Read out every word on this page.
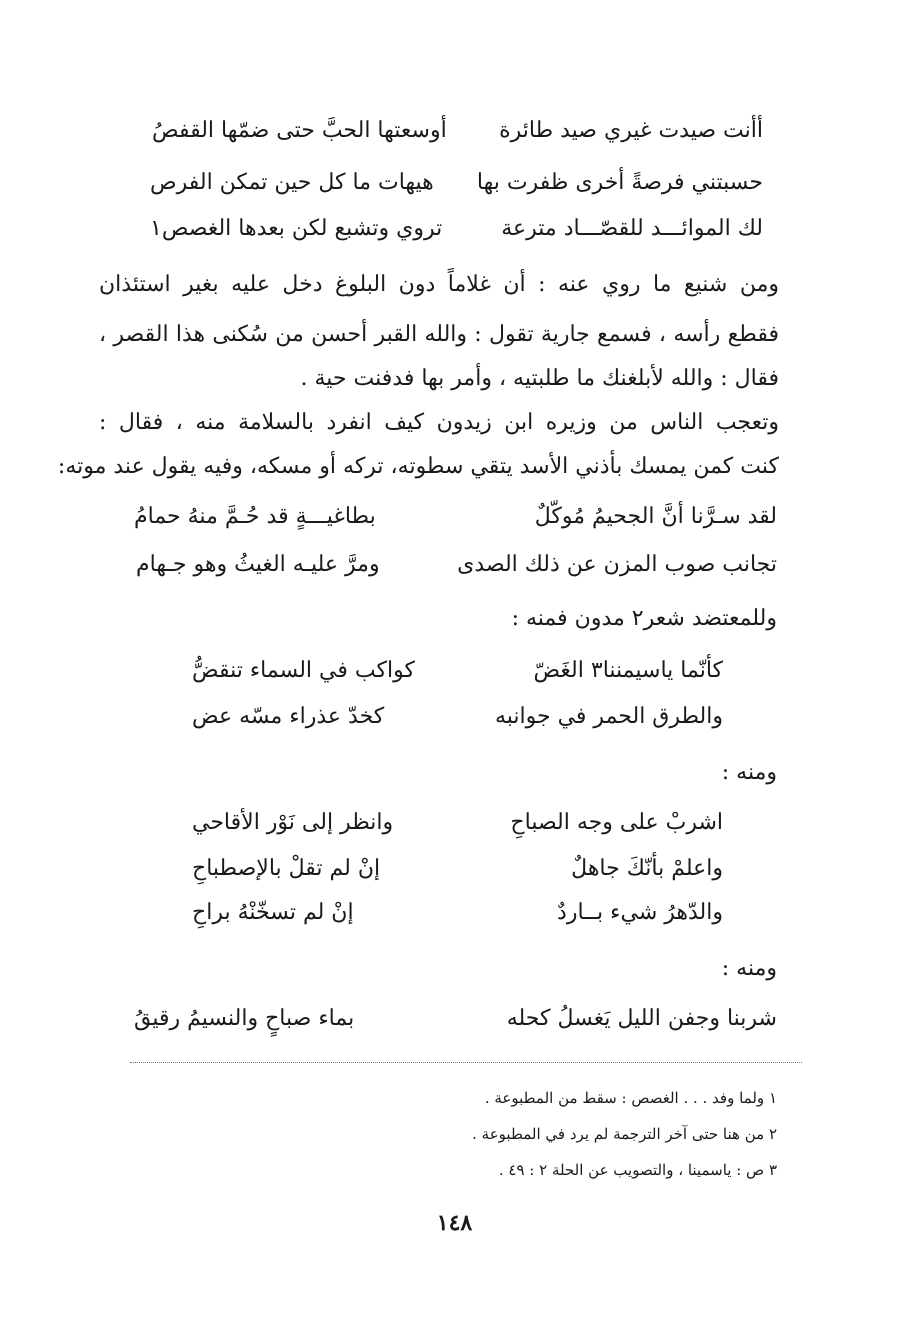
أأنت صيدت غيري صيد طائرة
أوسعتها الحبَّ حتى ضمّها القفصُ
حسبتني فرصةً أخرى ظفرت بها
هيهات ما كل حين تمكن الفرص
لك الموائـــد للقصّـــاد مترعة
تروي وتشبع لكن بعدها الغصص١
ومن شنيع ما روي عنه : أن غلاماً دون البلوغ دخل عليه بغير استئذان
فقطع رأسه ، فسمع جارية تقول : والله القبر أحسن من سُكنى هذا القصر ،
فقال : والله لأبلغنك ما طلبتيه ، وأمر بها فدفنت حية .
وتعجب الناس من وزيره ابن زيدون كيف انفرد بالسلامة منه ، فقال :
كنت كمن يمسك بأذني الأسد يتقي سطوته، تركه أو مسكه، وفيه يقول عند موته:
لقد سـرَّنا أنَّ الجحيمُ مُوكّلٌ
بطاغيـــةٍ قد حُـمَّ منهُ حمامُ
تجانب صوب المزن عن ذلك الصدى
ومرَّ عليـه الغيثُ وهو جـهام
وللمعتضد شعر٢ مدون فمنه :
كأنّما ياسيمننا٣ الغَضّ
كواكب في السماء تنقضُّ
والطرق الحمر في جوانبه
كخدّ عذراء مسّه عض
ومنه :
اشربْ على وجه الصباحِ
وانظر إلى نَوْر الأقاحي
واعلمْ بأنّكَ جاهلٌ
إنْ لم تقلْ بالإصطباحِ
والدّهرُ شيء بــاردٌ
إنْ لم تسخّنْهُ براحِ
ومنه :
شربنا وجفن الليل يَغسلُ كحله
بماء صباحٍ والنسيمُ رقيقُ
١ ولما وفد . . . الغصص : سقط من المطبوعة .
٢ من هنا حتى آخر الترجمة لم يرد في المطبوعة .
٣ ص : ياسمينا ، والتصويب عن الحلة ٢ : ٤٩ .
١٤٨
